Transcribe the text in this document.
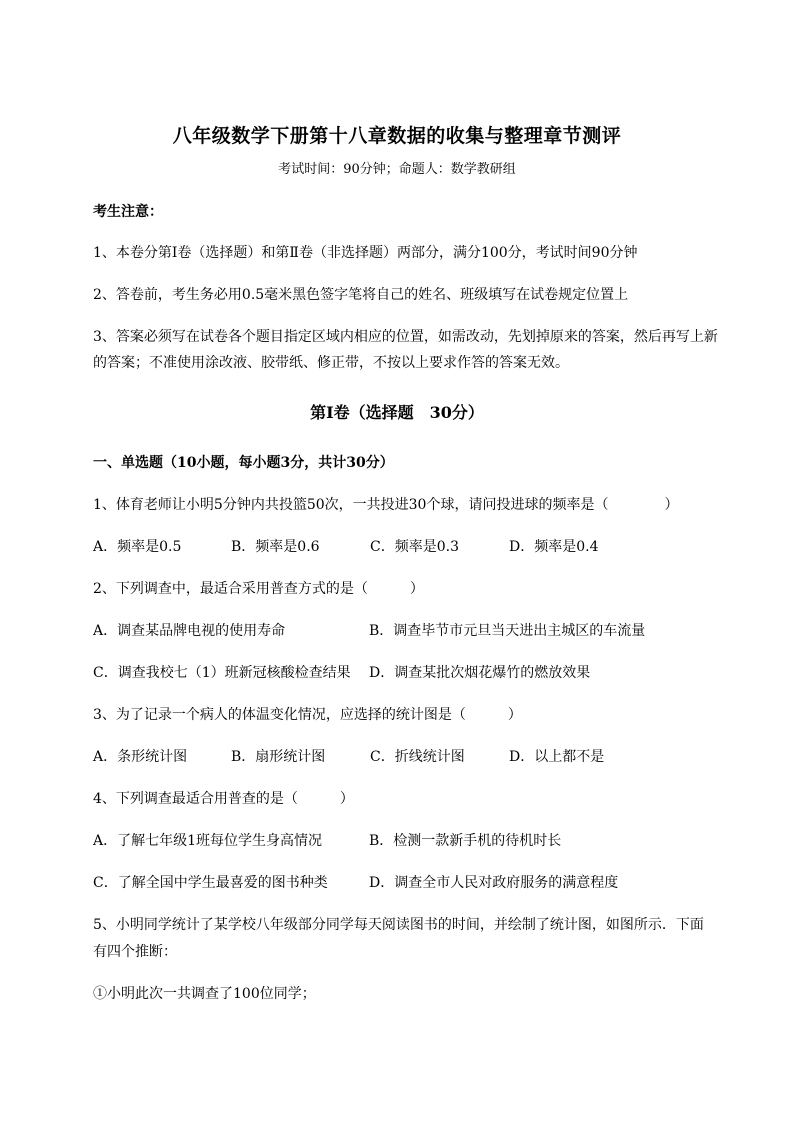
八年级数学下册第十八章数据的收集与整理章节测评
考试时间：90分钟；命题人：数学教研组
考生注意：
1、本卷分第I卷（选择题）和第Ⅱ卷（非选择题）两部分，满分100分，考试时间90分钟
2、答卷前，考生务必用0.5毫米黑色签字笔将自己的姓名、班级填写在试卷规定位置上
3、答案必须写在试卷各个题目指定区域内相应的位置，如需改动，先划掉原来的答案，然后再写上新
的答案；不准使用涂改液、胶带纸、修正带，不按以上要求作答的答案无效。
第I卷（选择题　30分）
一、单选题（10小题，每小题3分，共计30分）
1、体育老师让小明5分钟内共投篮50次，一共投进30个球，请问投进球的频率是（　　　　）
A．频率是0.5	B．频率是0.6	C．频率是0.3	D．频率是0.4
2、下列调查中，最适合采用普查方式的是（　　　）
A．调查某品牌电视的使用寿命	B．调查毕节市元旦当天进出主城区的车流量
C．调查我校七（1）班新冠核酸检查结果 D．调查某批次烟花爆竹的燃放效果
3、为了记录一个病人的体温变化情况，应选择的统计图是（　　　）
A．条形统计图	B．扇形统计图	C．折线统计图	D．以上都不是
4、下列调查最适合用普查的是（　　　）
A．了解七年级1班每位学生身高情况	B．检测一款新手机的待机时长
C．了解全国中学生最喜爱的图书种类	D．调查全市人民对政府服务的满意程度
5、小明同学统计了某学校八年级部分同学每天阅读图书的时间，并绘制了统计图，如图所示．下面
有四个推断：
①小明此次一共调查了100位同学；
